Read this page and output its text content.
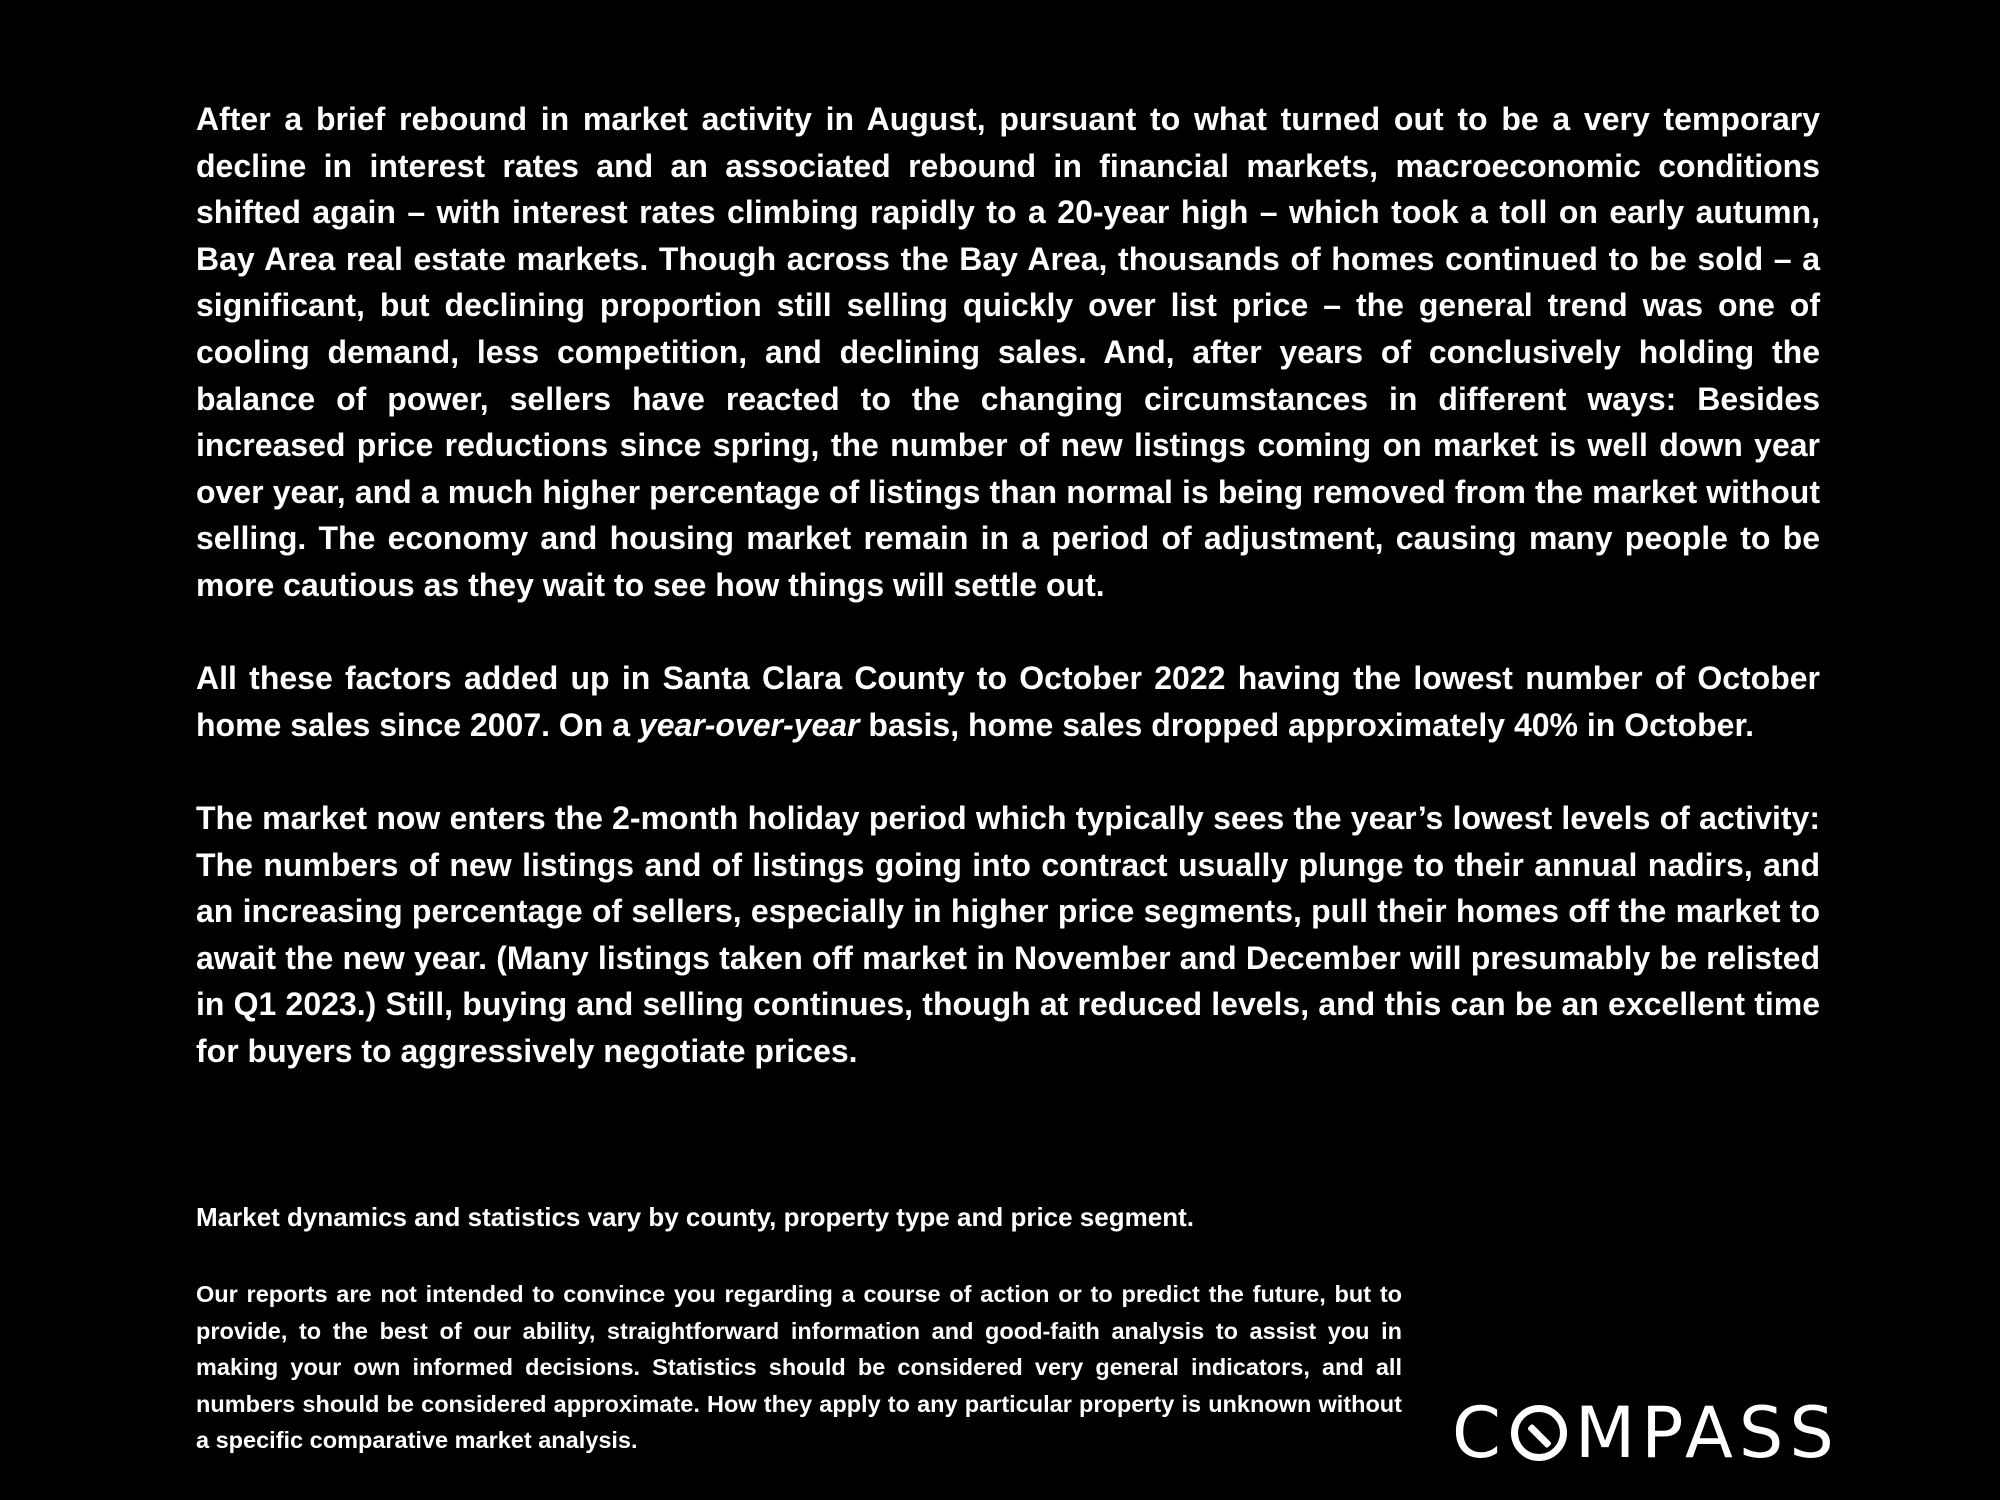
After a brief rebound in market activity in August, pursuant to what turned out to be a very temporary decline in interest rates and an associated rebound in financial markets, macroeconomic conditions shifted again – with interest rates climbing rapidly to a 20-year high – which took a toll on early autumn, Bay Area real estate markets. Though across the Bay Area, thousands of homes continued to be sold – a significant, but declining proportion still selling quickly over list price – the general trend was one of cooling demand, less competition, and declining sales. And, after years of conclusively holding the balance of power, sellers have reacted to the changing circumstances in different ways: Besides increased price reductions since spring, the number of new listings coming on market is well down year over year, and a much higher percentage of listings than normal is being removed from the market without selling. The economy and housing market remain in a period of adjustment, causing many people to be more cautious as they wait to see how things will settle out.

All these factors added up in Santa Clara County to October 2022 having the lowest number of October home sales since 2007. On a year-over-year basis, home sales dropped approximately 40% in October.

The market now enters the 2-month holiday period which typically sees the year’s lowest levels of activity: The numbers of new listings and of listings going into contract usually plunge to their annual nadirs, and an increasing percentage of sellers, especially in higher price segments, pull their homes off the market to await the new year. (Many listings taken off market in November and December will presumably be relisted in Q1 2023.) Still, buying and selling continues, though at reduced levels, and this can be an excellent time for buyers to aggressively negotiate prices.

Market dynamics and statistics vary by county, property type and price segment.
Our reports are not intended to convince you regarding a course of action or to predict the future, but to provide, to the best of our ability, straightforward information and good-faith analysis to assist you in making your own informed decisions. Statistics should be considered very general indicators, and all numbers should be considered approximate. How they apply to any particular property is unknown without a specific comparative market analysis.	C MPASS
